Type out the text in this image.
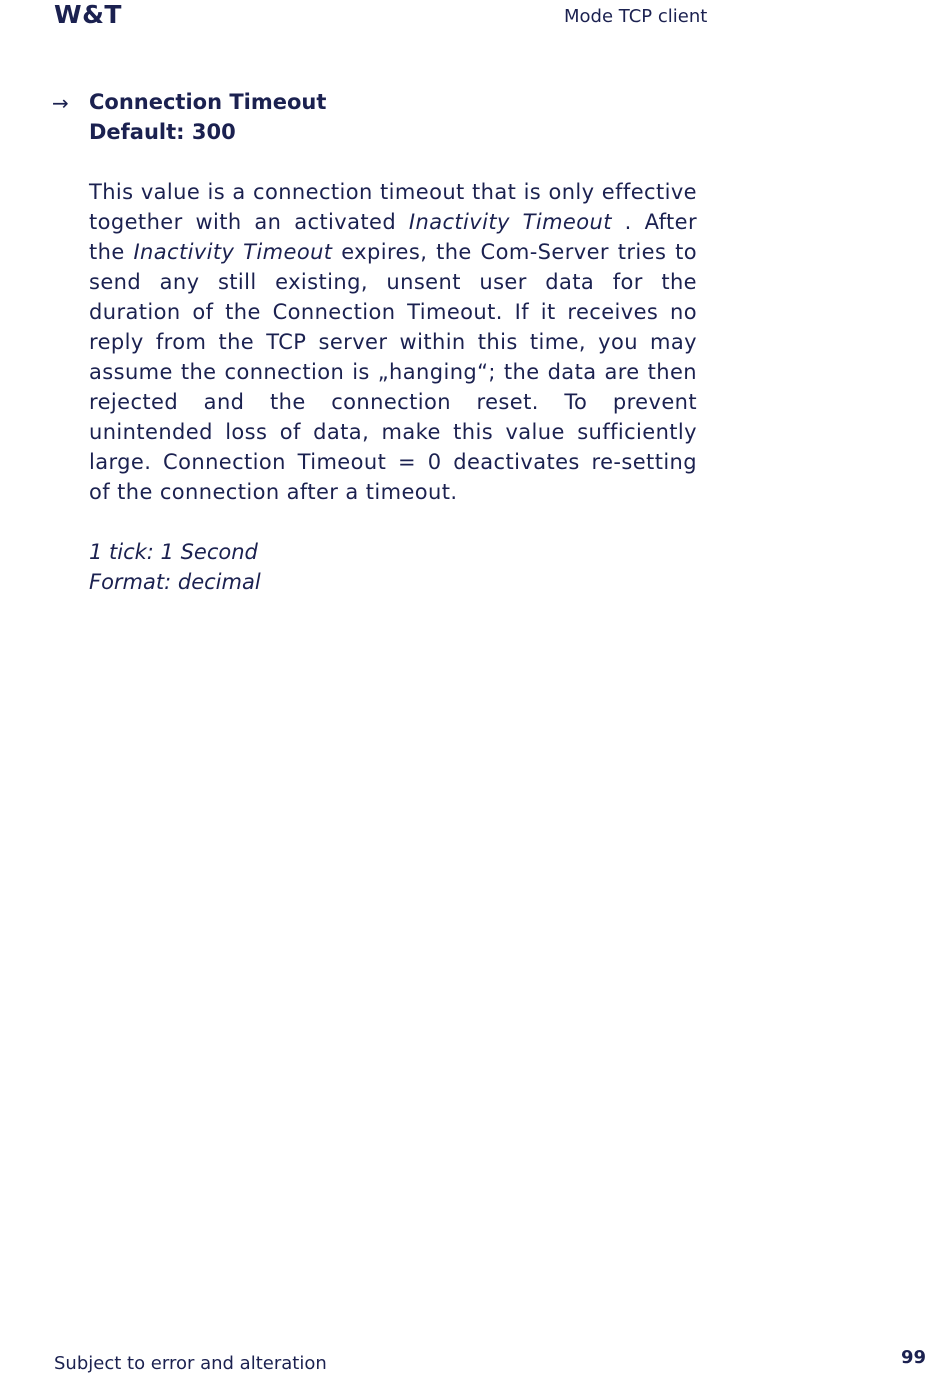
W&T	Mode TCP client
→ Connection Timeout
Default: 300
This value is a connection timeout that is only effective together with an activated Inactivity Timeout . After the Inactivity Timeout expires, the Com-Server tries to send any still existing, unsent user data for the duration of the Connection Timeout. If it receives no reply from the TCP server within this time, you may assume the connection is „hanging“; the data are then rejected and the connection reset. To prevent unintended loss of data, make this value sufficiently large. Connection Timeout = 0 deactivates re-setting of the connection after a timeout.
1 tick: 1 Second
Format: decimal
Subject to error and alteration	99
